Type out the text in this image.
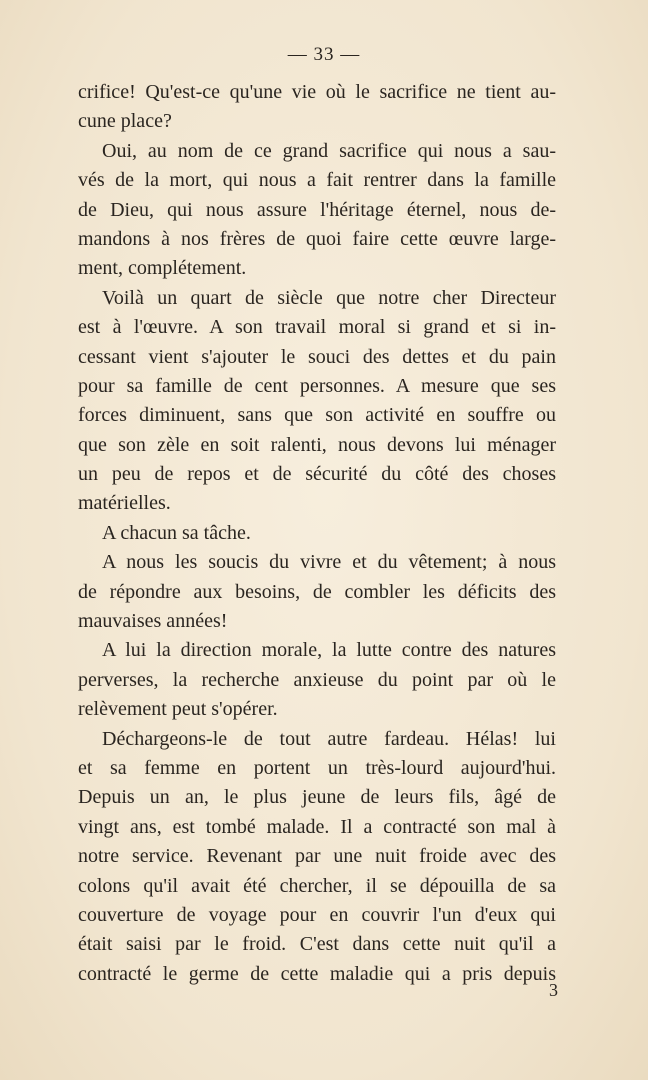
— 33 —
crifice! Qu'est-ce qu'une vie où le sacrifice ne tient au-
cune place?
Oui, au nom de ce grand sacrifice qui nous a sau-
vés de la mort, qui nous a fait rentrer dans la famille
de Dieu, qui nous assure l'héritage éternel, nous de-
mandons à nos frères de quoi faire cette œuvre large-
ment, complétement.
Voilà un quart de siècle que notre cher Directeur
est à l'œuvre. A son travail moral si grand et si in-
cessant vient s'ajouter le souci des dettes et du pain
pour sa famille de cent personnes. A mesure que ses
forces diminuent, sans que son activité en souffre ou
que son zèle en soit ralenti, nous devons lui ménager
un peu de repos et de sécurité du côté des choses
matérielles.
A chacun sa tâche.
A nous les soucis du vivre et du vêtement; à nous
de répondre aux besoins, de combler les déficits des
mauvaises années!
A lui la direction morale, la lutte contre des natures
perverses, la recherche anxieuse du point par où le
relèvement peut s'opérer.
Déchargeons-le de tout autre fardeau. Hélas! lui
et sa femme en portent un très-lourd aujourd'hui.
Depuis un an, le plus jeune de leurs fils, âgé de
vingt ans, est tombé malade. Il a contracté son mal à
notre service. Revenant par une nuit froide avec des
colons qu'il avait été chercher, il se dépouilla de sa
couverture de voyage pour en couvrir l'un d'eux qui
était saisi par le froid. C'est dans cette nuit qu'il a
contracté le germe de cette maladie qui a pris depuis
3
